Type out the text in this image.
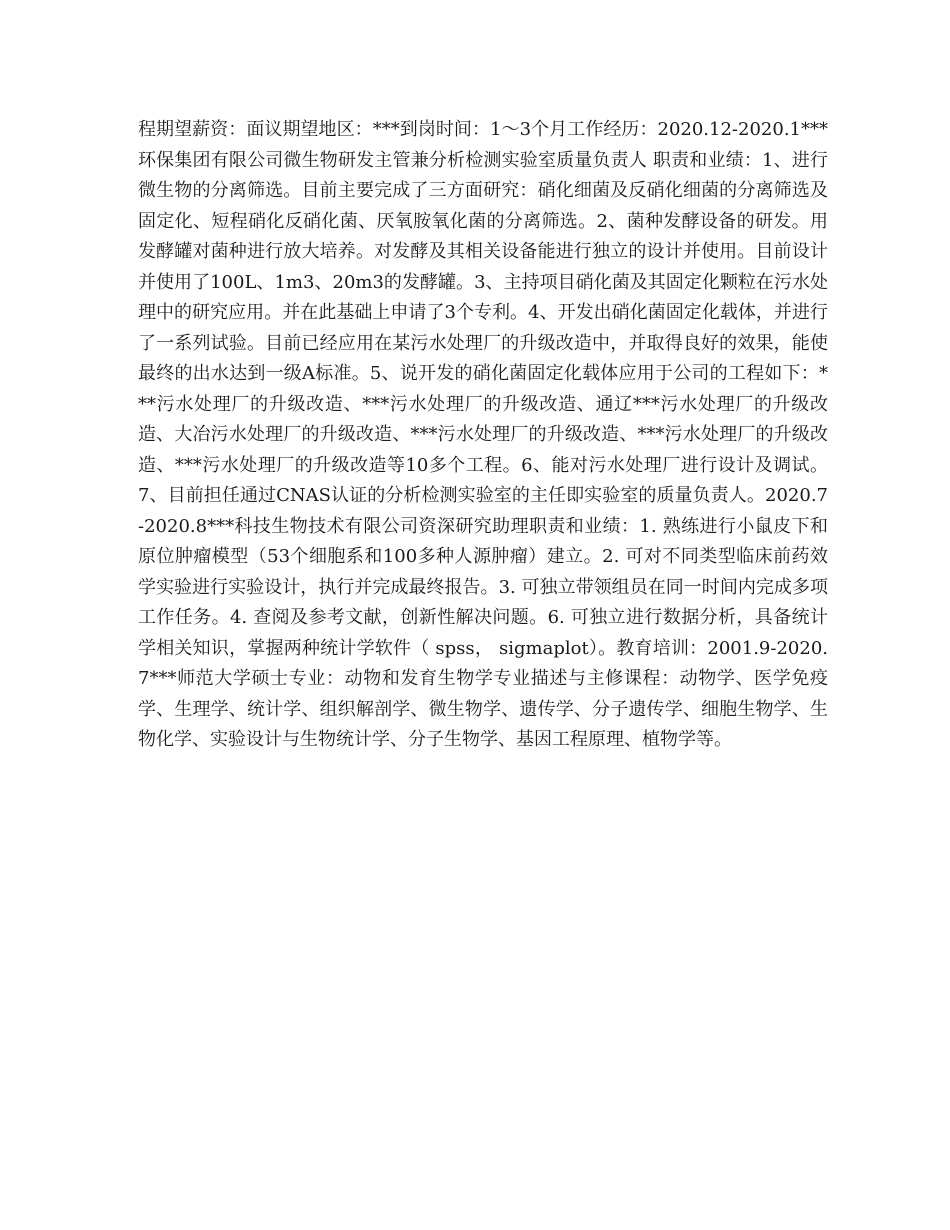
程期望薪资：面议期望地区：***到岗时间：1～3个月工作经历：2020.12-2020.1***环保集团有限公司微生物研发主管兼分析检测实验室质量负责人 职责和业绩：1、进行微生物的分离筛选。目前主要完成了三方面研究：硝化细菌及反硝化细菌的分离筛选及固定化、短程硝化反硝化菌、厌氧胺氧化菌的分离筛选。2、菌种发酵设备的研发。用发酵罐对菌种进行放大培养。对发酵及其相关设备能进行独立的设计并使用。目前设计并使用了100L、1m3、20m3的发酵罐。3、主持项目硝化菌及其固定化颗粒在污水处理中的研究应用。并在此基础上申请了3个专利。4、开发出硝化菌固定化载体，并进行了一系列试验。目前已经应用在某污水处理厂的升级改造中，并取得良好的效果，能使最终的出水达到一级A标准。5、说开发的硝化菌固定化载体应用于公司的工程如下：***污水处理厂的升级改造、***污水处理厂的升级改造、通辽***污水处理厂的升级改造、大冶污水处理厂的升级改造、***污水处理厂的升级改造、***污水处理厂的升级改造、***污水处理厂的升级改造等10多个工程。6、能对污水处理厂进行设计及调试。7、目前担任通过CNAS认证的分析检测实验室的主任即实验室的质量负责人。2020.7-2020.8***科技生物技术有限公司资深研究助理职责和业绩：1. 熟练进行小鼠皮下和原位肿瘤模型（53个细胞系和100多种人源肿瘤）建立。2. 可对不同类型临床前药效学实验进行实验设计，执行并完成最终报告。3. 可独立带领组员在同一时间内完成多项工作任务。4. 查阅及参考文献，创新性解决问题。6. 可独立进行数据分析，具备统计学相关知识，掌握两种统计学软件（ spss， sigmaplot）。教育培训：2001.9-2020.7***师范大学硕士专业：动物和发育生物学专业描述与主修课程：动物学、医学免疫学、生理学、统计学、组织解剖学、微生物学、遗传学、分子遗传学、细胞生物学、生物化学、实验设计与生物统计学、分子生物学、基因工程原理、植物学等。
